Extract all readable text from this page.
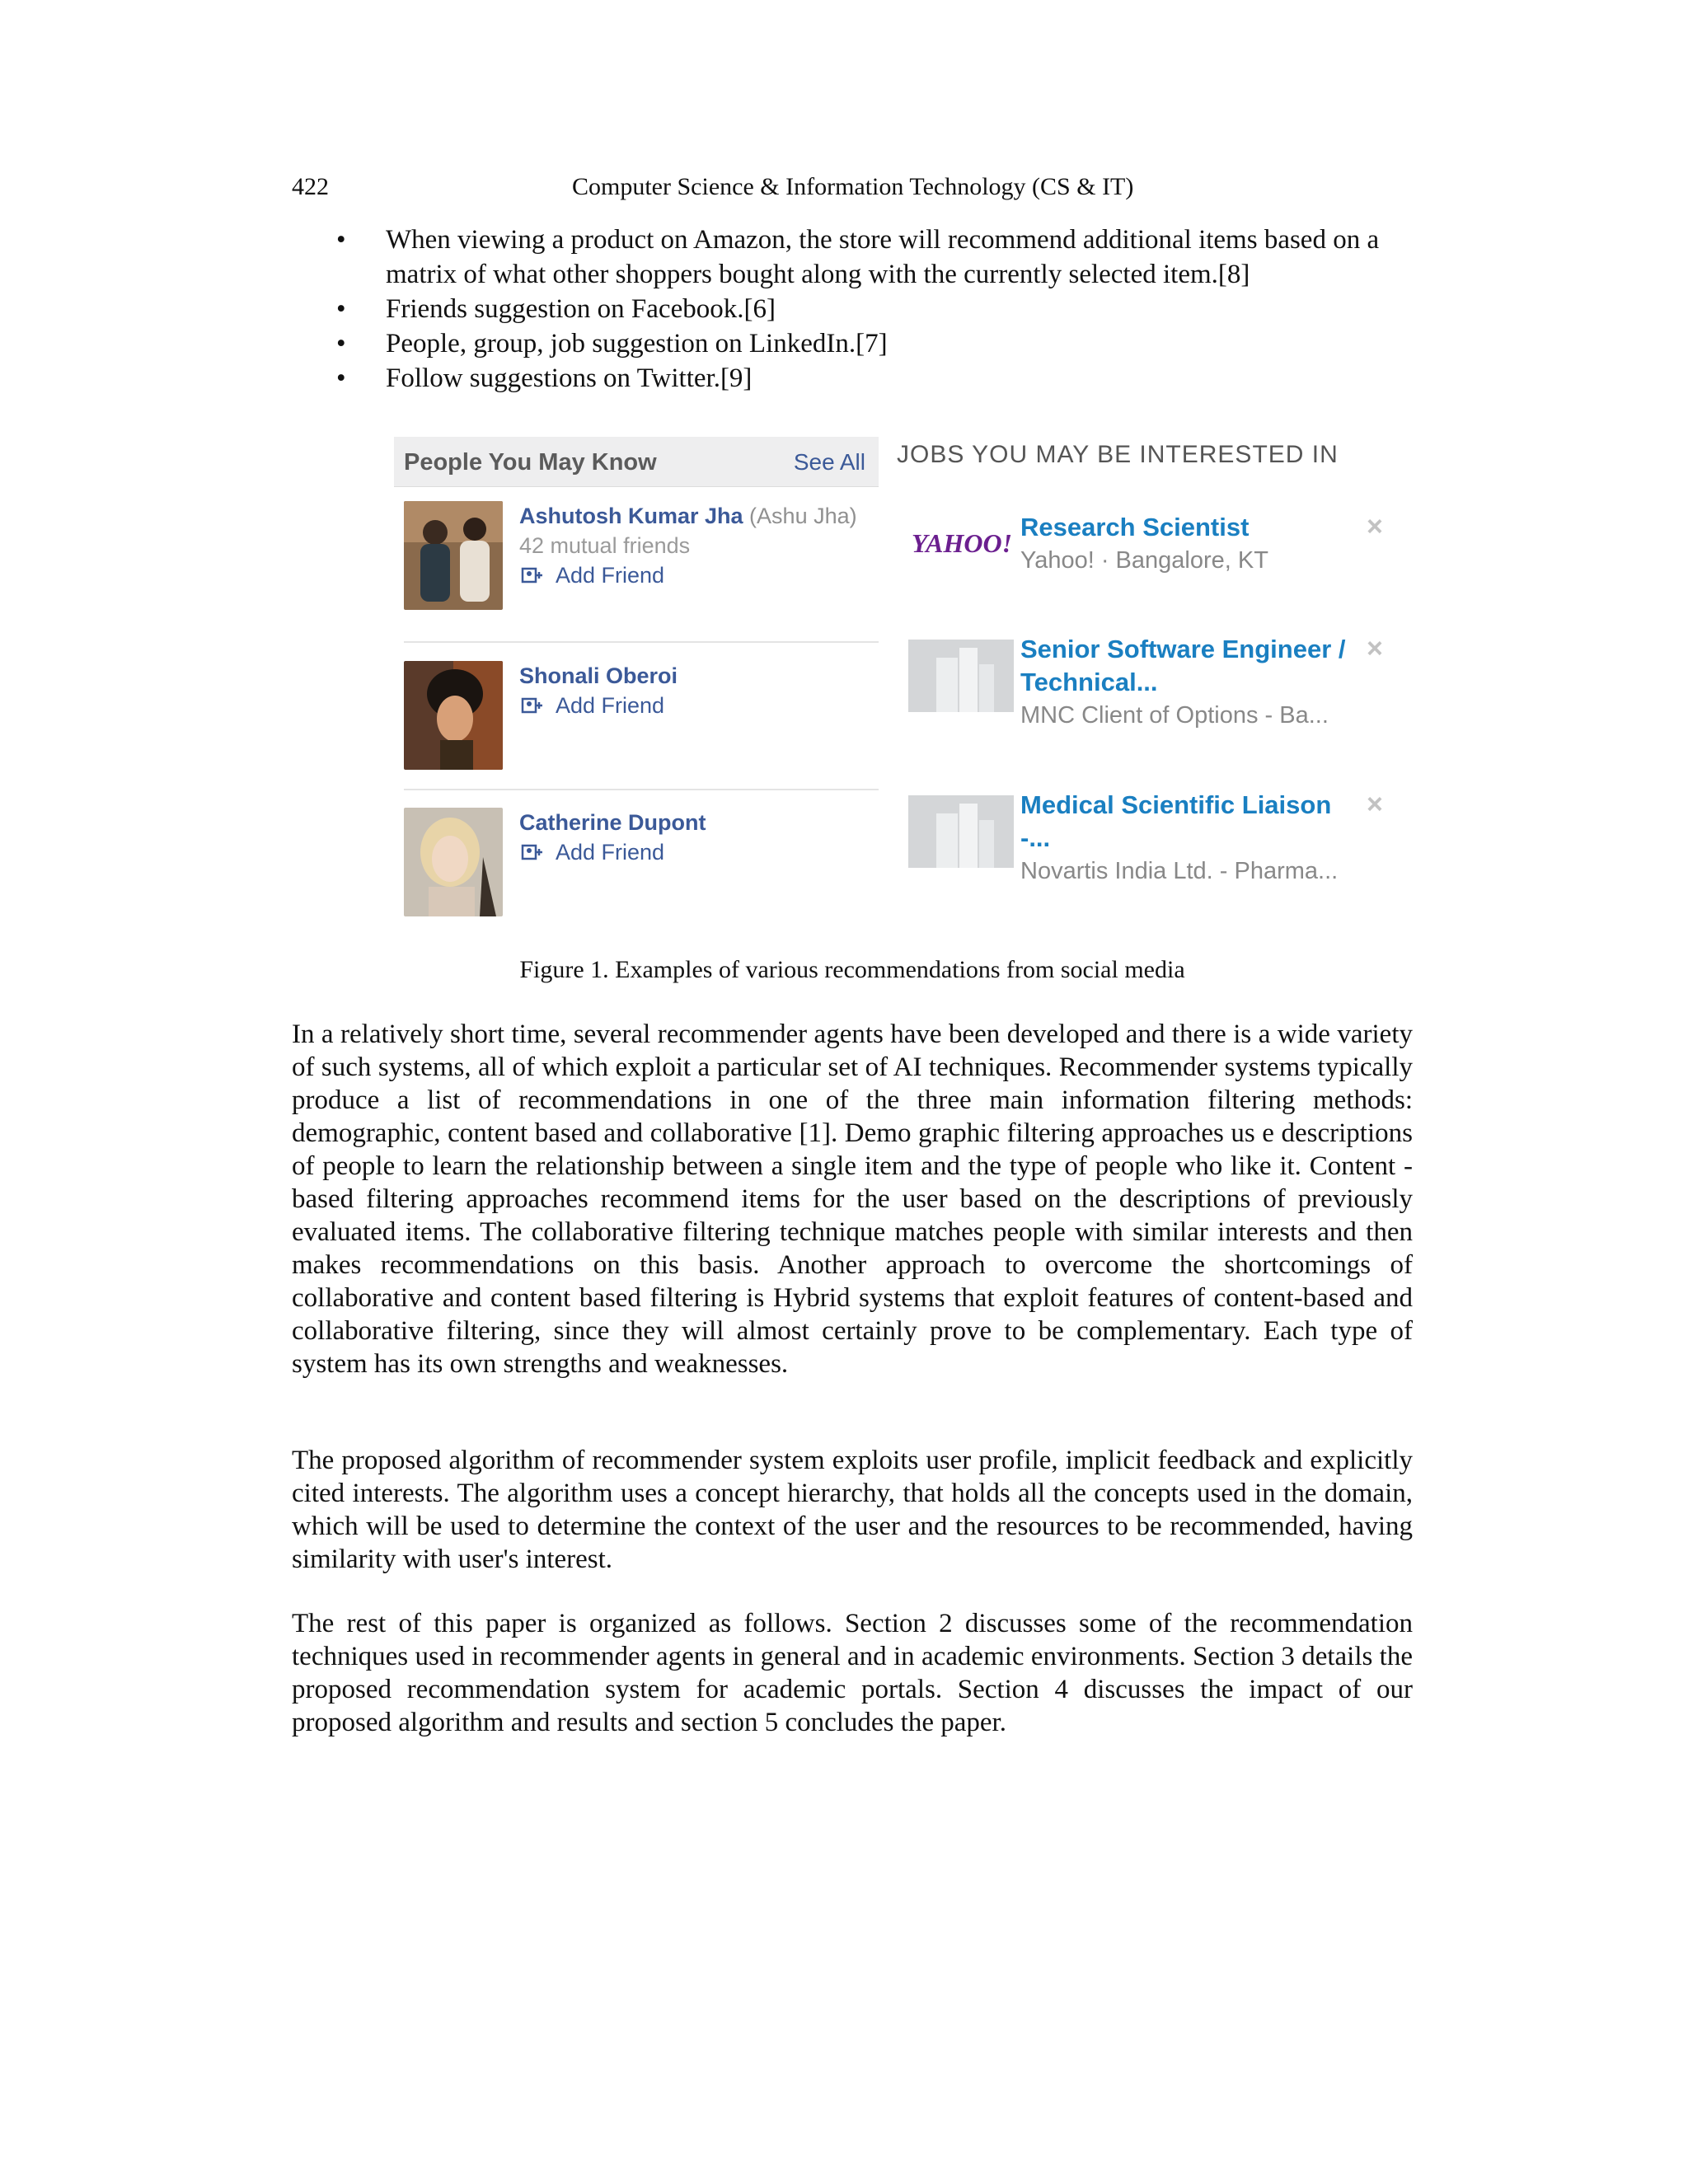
422	Computer Science & Information Technology (CS & IT)
• When viewing a product on Amazon, the store will recommend additional items based on a matrix of what other shoppers bought along with the currently selected item.[8]
• Friends suggestion on Facebook.[6]
• People, group, job suggestion on LinkedIn.[7]
• Follow suggestions on Twitter.[9]
People You May Know	See All
Ashutosh Kumar Jha (Ashu Jha)
42 mutual friends

Add Friend
Shonali Oberoi

Add Friend
Catherine Dupont

Add Friend
JOBS YOU MAY BE INTERESTED IN
YAHOO!
Research Scientist
Yahoo! · Bangalore, KT
×
Senior Software Engineer / Technical...
MNC Client of Options - Ba...
×
Medical Scientific Liaison -...
Novartis India Ltd. - Pharma...
×
Figure 1. Examples of various recommendations from social media

In a relatively short time, several recommender agents have been developed and there is a wide variety of such systems, all of which exploit a particular set of AI techniques. Recommender systems typically produce a list of recommendations in one of the three main information filtering methods: demographic, content based and collaborative [1]. Demo graphic filtering approaches us e descriptions of people to learn the relationship between a single item and the type of people who like it. Content -based filtering approaches recommend items for the user based on the descriptions of previously evaluated items. The collaborative filtering technique matches people with similar interests and then makes recommendations on this basis. Another approach to overcome the shortcomings of collaborative and content based filtering is Hybrid systems that exploit features of content-based and collaborative filtering, since they will almost certainly prove to be complementary. Each type of system has its own strengths and weaknesses.

The proposed algorithm of recommender system exploits user profile, implicit feedback and explicitly cited interests. The algorithm uses a concept hierarchy, that holds all the concepts used in the domain, which will be used to determine the context of the user and the resources to be recommended, having similarity with user's interest.

The rest of this paper is organized as follows. Section 2 discusses some of the recommendation techniques used in recommender agents in general and in academic environments. Section 3 details the proposed recommendation system for academic portals. Section 4 discusses the impact of our proposed algorithm and results and section 5 concludes the paper.
